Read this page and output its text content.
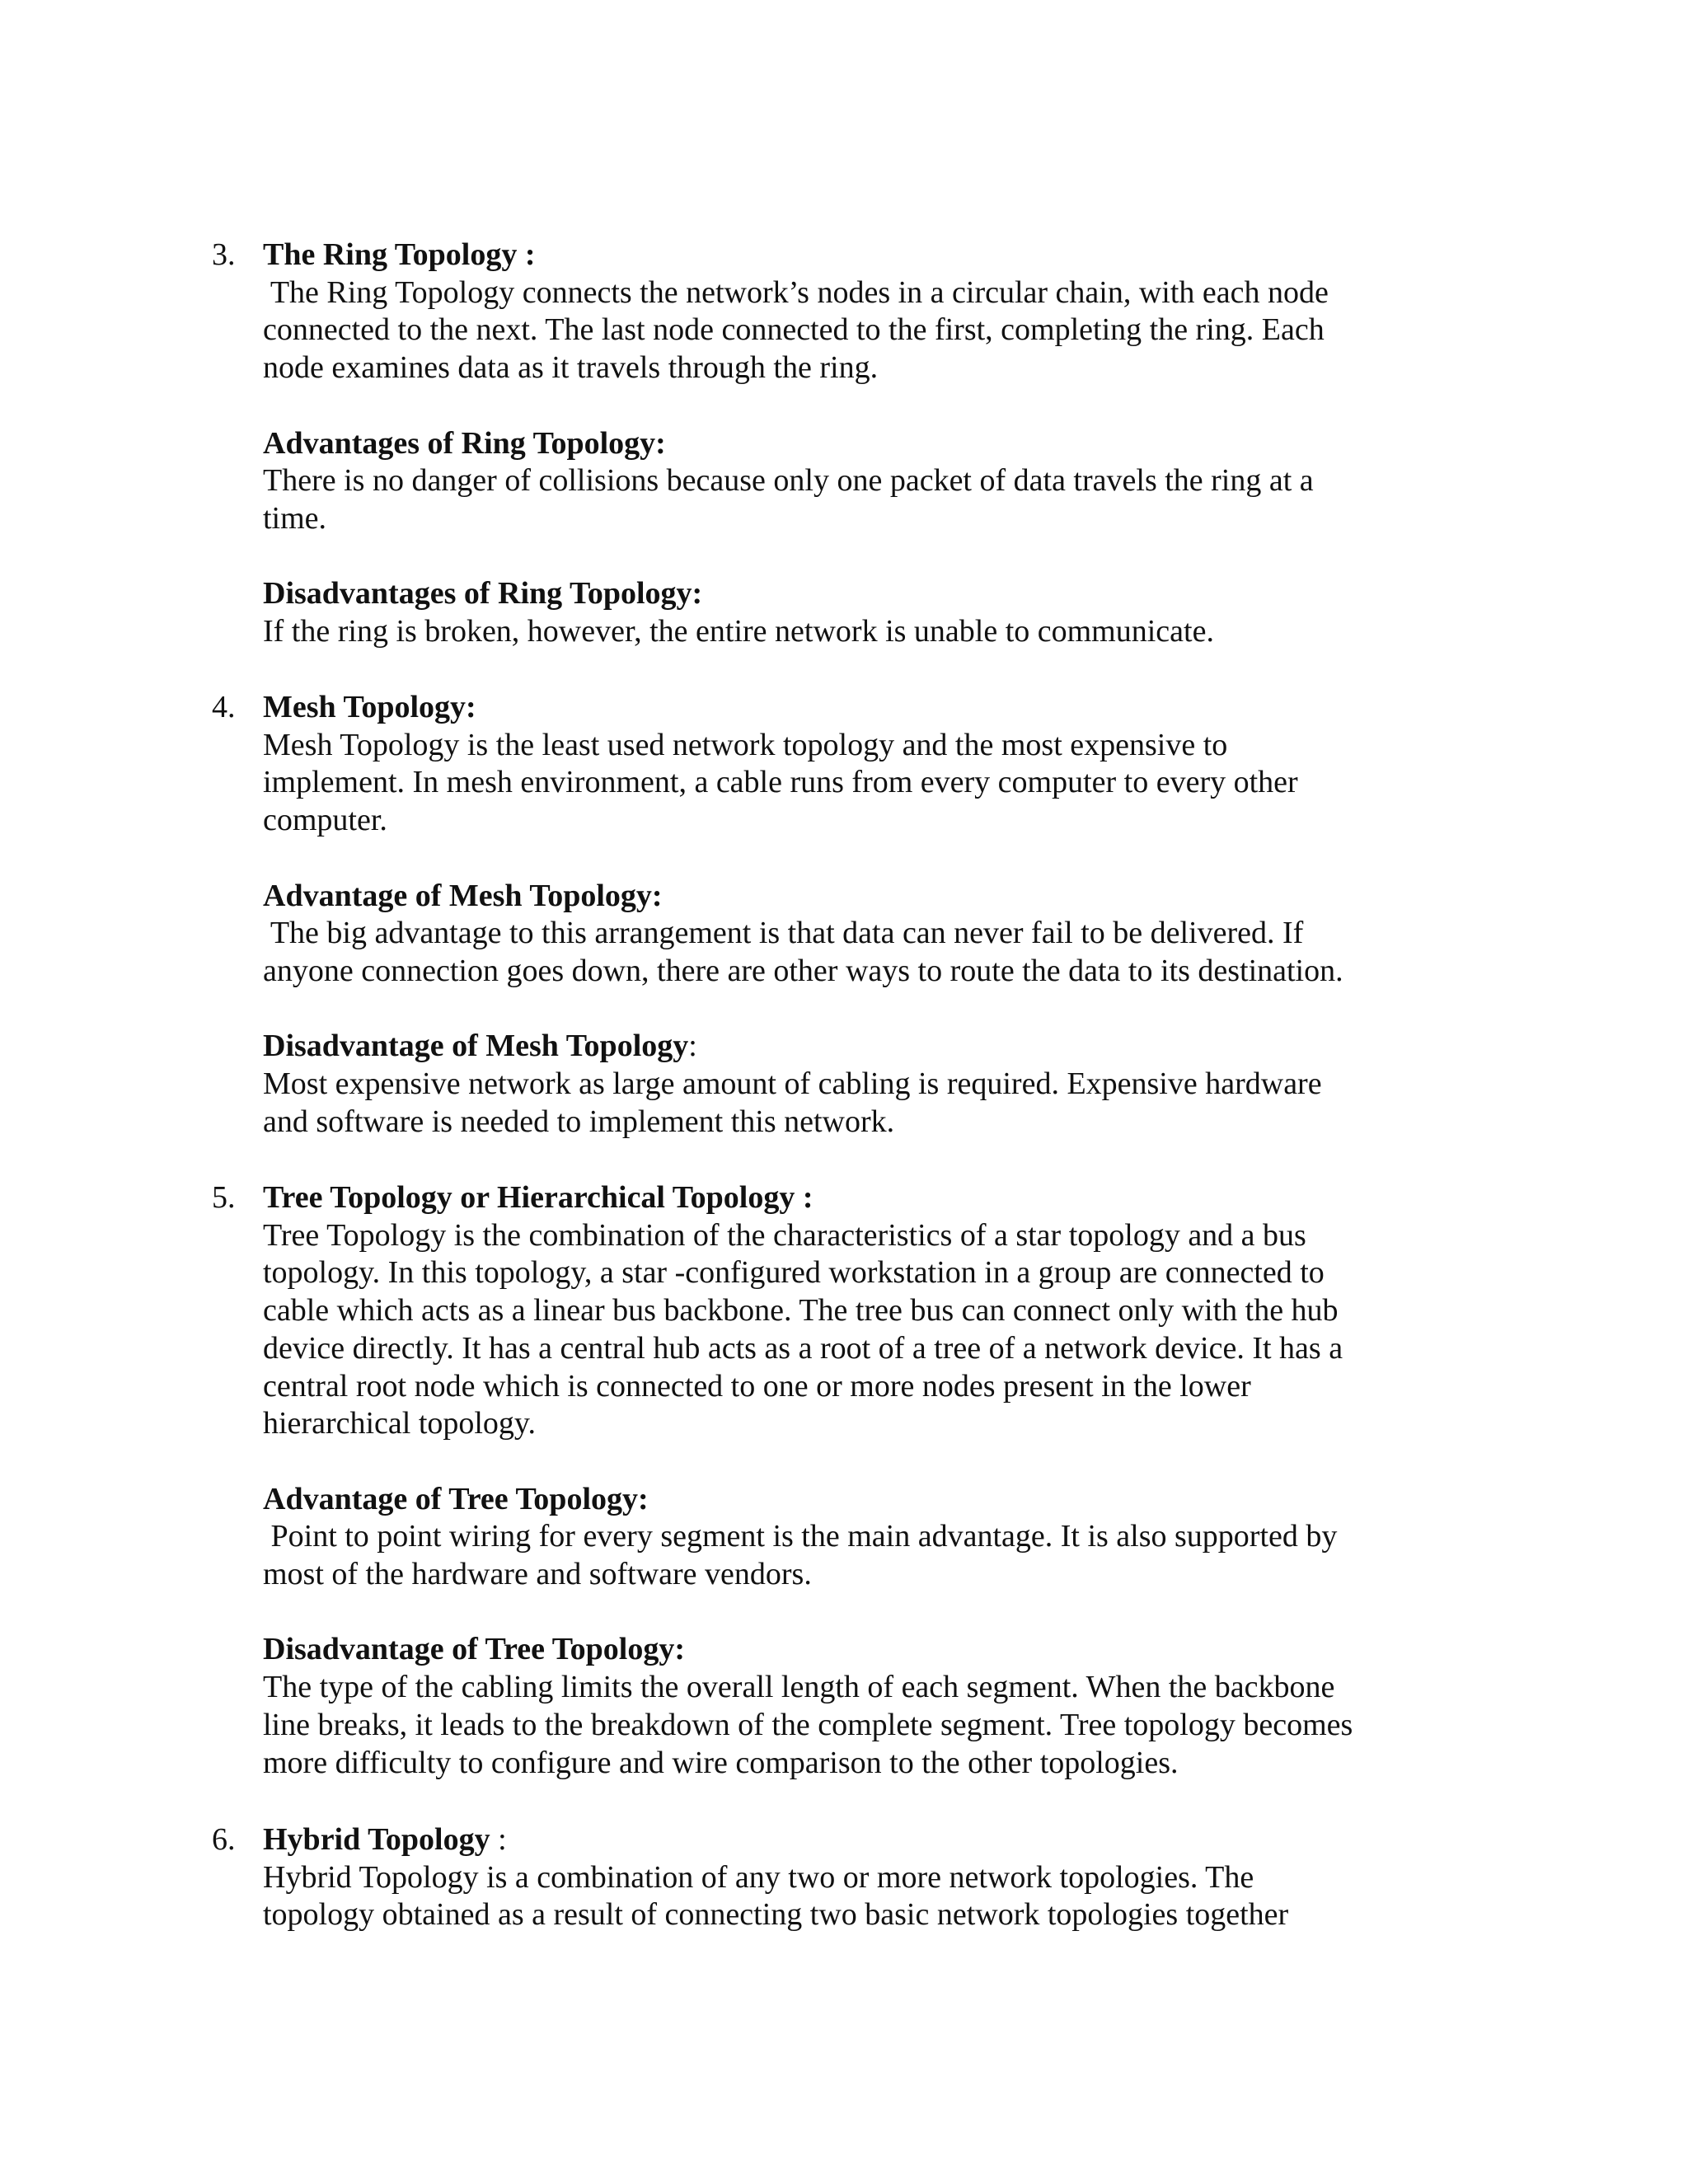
3. The Ring Topology :
The Ring Topology connects the network’s nodes in a circular chain, with each node
connected to the next. The last node connected to the first, completing the ring. Each
node examines data as it travels through the ring.
Advantages of Ring Topology:
There is no danger of collisions because only one packet of data travels the ring at a
time.
Disadvantages of Ring Topology:
If the ring is broken, however, the entire network is unable to communicate.
4. Mesh Topology:
Mesh Topology is the least used network topology and the most expensive to
implement. In mesh environment, a cable runs from every computer to every other
computer.
Advantage of Mesh Topology:
The big advantage to this arrangement is that data can never fail to be delivered. If
anyone connection goes down, there are other ways to route the data to its destination.
Disadvantage of Mesh Topology:
Most expensive network as large amount of cabling is required. Expensive hardware
and software is needed to implement this network.
5. Tree Topology or Hierarchical Topology :
Tree Topology is the combination of the characteristics of a star topology and a bus
topology. In this topology, a star -configured workstation in a group are connected to
cable which acts as a linear bus backbone. The tree bus can connect only with the hub
device directly. It has a central hub acts as a root of a tree of a network device. It has a
central root node which is connected to one or more nodes present in the lower
hierarchical topology.
Advantage of Tree Topology:
Point to point wiring for every segment is the main advantage. It is also supported by
most of the hardware and software vendors.
Disadvantage of Tree Topology:
The type of the cabling limits the overall length of each segment. When the backbone
line breaks, it leads to the breakdown of the complete segment. Tree topology becomes
more difficulty to configure and wire comparison to the other topologies.
6. Hybrid Topology :
Hybrid Topology is a combination of any two or more network topologies. The
topology obtained as a result of connecting two basic network topologies together
